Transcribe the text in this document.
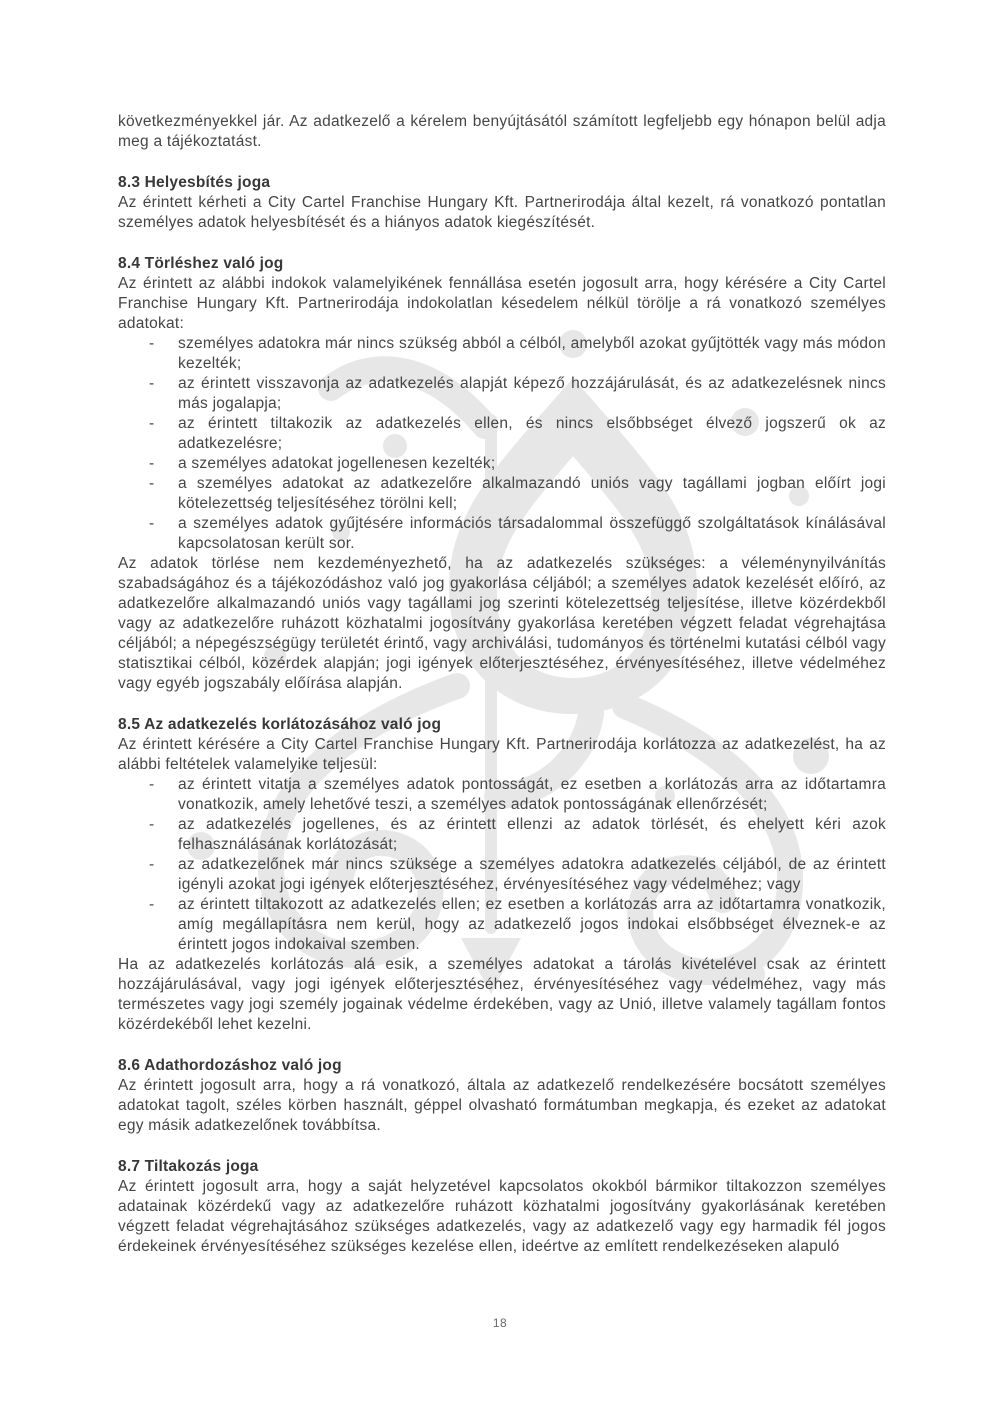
következményekkel jár. Az adatkezelő a kérelem benyújtásától számított legfeljebb egy hónapon belül adja meg a tájékoztatást.

8.3 Helyesbítés joga

Az érintett kérheti a City Cartel Franchise Hungary Kft. Partnerirodája által kezelt, rá vonatkozó pontatlan személyes adatok helyesbítését és a hiányos adatok kiegészítését.

8.4 Törléshez való jog

Az érintett az alábbi indokok valamelyikének fennállása esetén jogosult arra, hogy kérésére a City Cartel Franchise Hungary Kft. Partnerirodája indokolatlan késedelem nélkül törölje a rá vonatkozó személyes adatokat:

- személyes adatokra már nincs szükség abból a célból, amelyből azokat gyűjtötték vagy más módon kezelték;
- az érintett visszavonja az adatkezelés alapját képező hozzájárulását, és az adatkezelésnek nincs más jogalapja;
- az érintett tiltakozik az adatkezelés ellen, és nincs elsőbbséget élvező jogszerű ok az adatkezelésre;
- a személyes adatokat jogellenesen kezelték;
- a személyes adatokat az adatkezelőre alkalmazandó uniós vagy tagállami jogban előírt jogi kötelezettség teljesítéséhez törölni kell;
- a személyes adatok gyűjtésére információs társadalommal összefüggő szolgáltatások kínálásával kapcsolatosan került sor.

Az adatok törlése nem kezdeményezhető, ha az adatkezelés szükséges: a véleménynyilvánítás szabadságához és a tájékozódáshoz való jog gyakorlása céljából; a személyes adatok kezelését előíró, az adatkezelőre alkalmazandó uniós vagy tagállami jog szerinti kötelezettség teljesítése, illetve közérdekből vagy az adatkezelőre ruházott közhatalmi jogosítvány gyakorlása keretében végzett feladat végrehajtása céljából; a népegészségügy területét érintő, vagy archiválási, tudományos és történelmi kutatási célból vagy statisztikai célból, közérdek alapján; jogi igények előterjesztéséhez, érvényesítéséhez, illetve védelméhez vagy egyéb jogszabály előírása alapján.

8.5 Az adatkezelés korlátozásához való jog

Az érintett kérésére a City Cartel Franchise Hungary Kft. Partnerirodája korlátozza az adatkezelést, ha az alábbi feltételek valamelyike teljesül:

- az érintett vitatja a személyes adatok pontosságát, ez esetben a korlátozás arra az időtartamra vonatkozik, amely lehetővé teszi, a személyes adatok pontosságának ellenőrzését;
- az adatkezelés jogellenes, és az érintett ellenzi az adatok törlését, és ehelyett kéri azok felhasználásának korlátozását;
- az adatkezelőnek már nincs szüksége a személyes adatokra adatkezelés céljából, de az érintett igényli azokat jogi igények előterjesztéséhez, érvényesítéséhez vagy védelméhez; vagy
- az érintett tiltakozott az adatkezelés ellen; ez esetben a korlátozás arra az időtartamra vonatkozik, amíg megállapításra nem kerül, hogy az adatkezelő jogos indokai elsőbbséget élveznek-e az érintett jogos indokaival szemben.

Ha az adatkezelés korlátozás alá esik, a személyes adatokat a tárolás kivételével csak az érintett hozzájárulásával, vagy jogi igények előterjesztéséhez, érvényesítéséhez vagy védelméhez, vagy más természetes vagy jogi személy jogainak védelme érdekében, vagy az Unió, illetve valamely tagállam fontos közérdekéből lehet kezelni.

8.6 Adathordozáshoz való jog

Az érintett jogosult arra, hogy a rá vonatkozó, általa az adatkezelő rendelkezésére bocsátott személyes adatokat tagolt, széles körben használt, géppel olvasható formátumban megkapja, és ezeket az adatokat egy másik adatkezelőnek továbbítsa.

8.7 Tiltakozás joga

Az érintett jogosult arra, hogy a saját helyzetével kapcsolatos okokból bármikor tiltakozzon személyes adatainak közérdekű vagy az adatkezelőre ruházott közhatalmi jogosítvány gyakorlásának keretében végzett feladat végrehajtásához szükséges adatkezelés, vagy az adatkezelő vagy egy harmadik fél jogos érdekeinek érvényesítéséhez szükséges kezelése ellen, ideértve az említett rendelkezéseken alapuló

18
